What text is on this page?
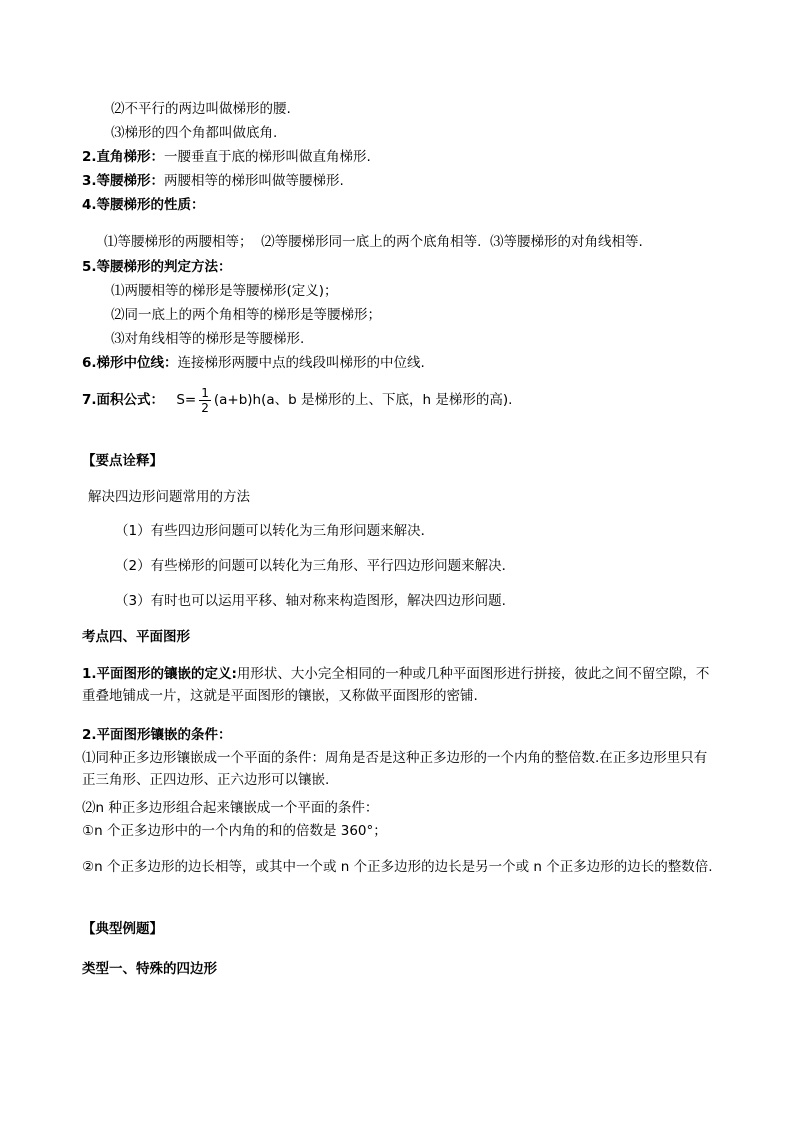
⑵不平行的两边叫做梯形的腰.
⑶梯形的四个角都叫做底角.
2.直角梯形：一腰垂直于底的梯形叫做直角梯形.
3.等腰梯形：两腰相等的梯形叫做等腰梯形.
4.等腰梯形的性质：
⑴等腰梯形的两腰相等；  ⑵等腰梯形同一底上的两个底角相等.  ⑶等腰梯形的对角线相等.
5.等腰梯形的判定方法：
⑴两腰相等的梯形是等腰梯形(定义)；
⑵同一底上的两个角相等的梯形是等腰梯形；
⑶对角线相等的梯形是等腰梯形.
6.梯形中位线：连接梯形两腰中点的线段叫梯形的中位线.
7.面积公式： $S= \frac{1}{2} (a+b)h(a$、b 是梯形的上、下底，h 是梯形的高).
【要点诠释】
解决四边形问题常用的方法
（1）有些四边形问题可以转化为三角形问题来解决．
（2）有些梯形的问题可以转化为三角形、平行四边形问题来解决．
（3）有时也可以运用平移、轴对称来构造图形，解决四边形问题.
考点四、平面图形
1.平面图形的镶嵌的定义:用形状、大小完全相同的一种或几种平面图形进行拼接，彼此之间不留空隙，不重叠地铺成一片，这就是平面图形的镶嵌，又称做平面图形的密铺.
2.平面图形镶嵌的条件：
⑴同种正多边形镶嵌成一个平面的条件：周角是否是这种正多边形的一个内角的整倍数.在正多边形里只有正三角形、正四边形、正六边形可以镶嵌.
⑵n 种正多边形组合起来镶嵌成一个平面的条件：
①n 个正多边形中的一个内角的和的倍数是 360°；
②n 个正多边形的边长相等，或其中一个或 n 个正多边形的边长是另一个或 n 个正多边形的边长的整数倍.
【典型例题】
类型一、特殊的四边形
